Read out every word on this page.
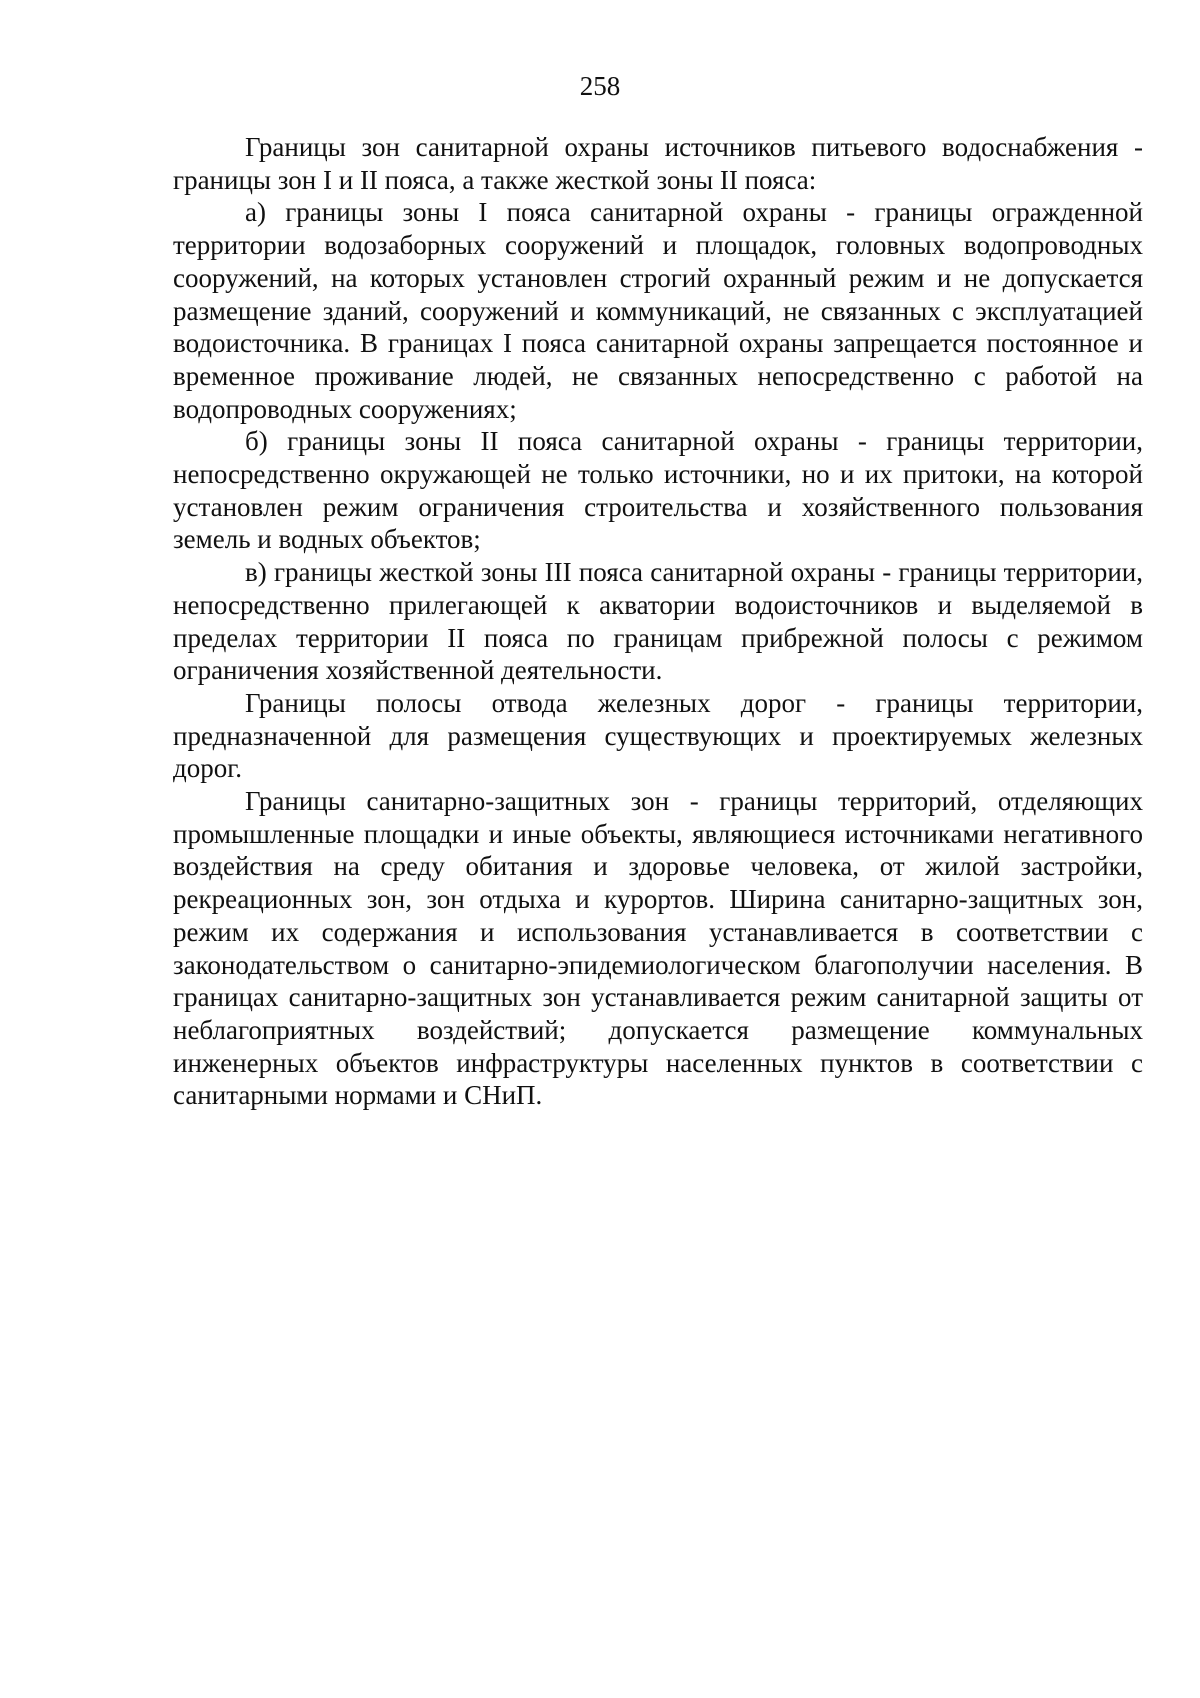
258

Границы зон санитарной охраны источников питьевого водоснабжения - границы зон I и II пояса, а также жесткой зоны II пояса:

а) границы зоны I пояса санитарной охраны - границы огражденной территории водозаборных сооружений и площадок, головных водопроводных сооружений, на которых установлен строгий охранный режим и не допускается размещение зданий, сооружений и коммуникаций, не связанных с эксплуатацией водоисточника. В границах I пояса санитарной охраны запрещается постоянное и временное проживание людей, не связанных непосредственно с работой на водопроводных сооружениях;

б) границы зоны II пояса санитарной охраны - границы территории, непосредственно окружающей не только источники, но и их притоки, на которой установлен режим ограничения строительства и хозяйственного пользования земель и водных объектов;

в) границы жесткой зоны III пояса санитарной охраны - границы территории, непосредственно прилегающей к акватории водоисточников и выделяемой в пределах территории II пояса по границам прибрежной полосы с режимом ограничения хозяйственной деятельности.

Границы полосы отвода железных дорог - границы территории, предназначенной для размещения существующих и проектируемых железных дорог.

Границы санитарно-защитных зон - границы территорий, отделяющих промышленные площадки и иные объекты, являющиеся источниками негативного воздействия на среду обитания и здоровье человека, от жилой застройки, рекреационных зон, зон отдыха и курортов. Ширина санитарно-защитных зон, режим их содержания и использования устанавливается в соответствии с законодательством о санитарно-эпидемиологическом благополучии населения. В границах санитарно-защитных зон устанавливается режим санитарной защиты от неблагоприятных воздействий; допускается размещение коммунальных инженерных объектов инфраструктуры населенных пунктов в соответствии с санитарными нормами и СНиП.
